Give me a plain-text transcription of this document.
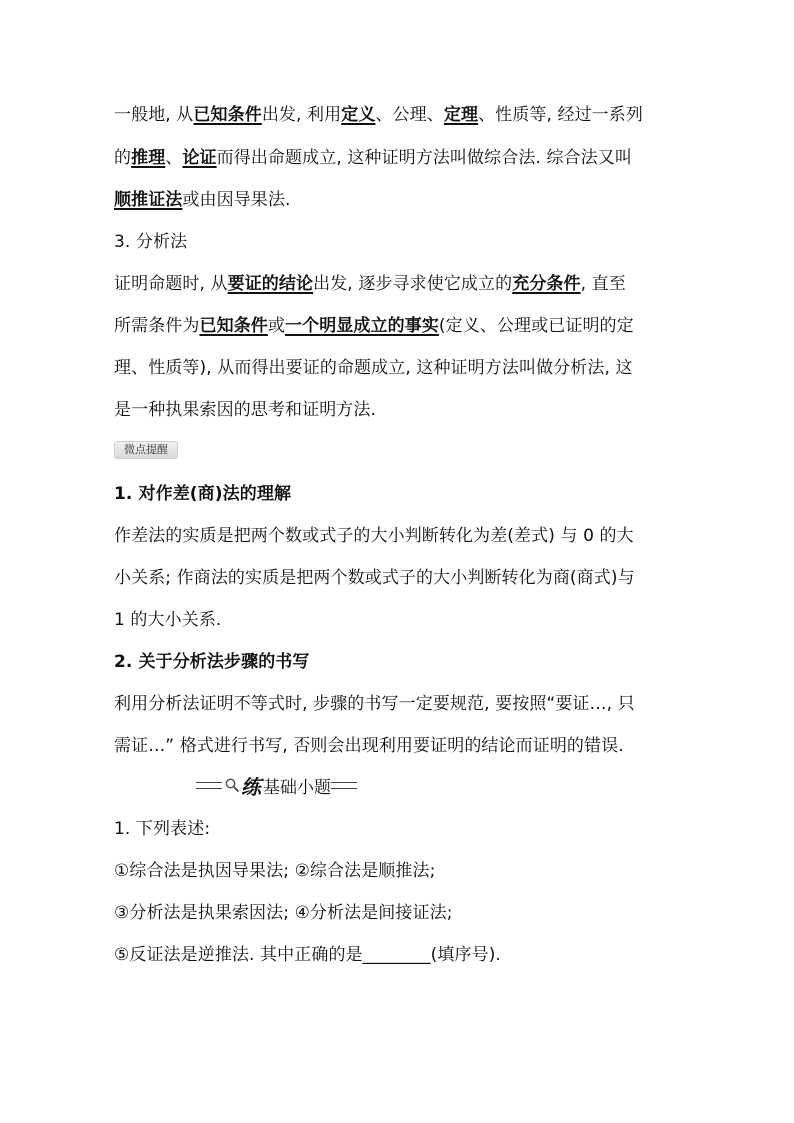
一般地, 从已知条件出发, 利用定义、公理、定理、性质等, 经过一系列
的推理、论证而得出命题成立, 这种证明方法叫做综合法. 综合法又叫
顺推证法或由因导果法.
3. 分析法
证明命题时, 从要证的结论出发, 逐步寻求使它成立的充分条件, 直至
所需条件为已知条件或一个明显成立的事实(定义、公理或已证明的定
理、性质等), 从而得出要证的命题成立, 这种证明方法叫做分析法, 这
是一种执果索因的思考和证明方法.
微点提醒
1. 对作差(商)法的理解
作差法的实质是把两个数或式子的大小判断转化为差(差式) 与 0 的大
小关系; 作商法的实质是把两个数或式子的大小判断转化为商(商式)与
1 的大小关系.
2. 关于分析法步骤的书写
利用分析法证明不等式时, 步骤的书写一定要规范, 要按照“要证…, 只
需证…” 格式进行书写, 否则会出现利用要证明的结论而证明的错误.
练 基础小题
1. 下列表述:
①综合法是执因导果法; ②综合法是顺推法;
③分析法是执果索因法; ④分析法是间接证法;
⑤反证法是逆推法. 其中正确的是________(填序号).
